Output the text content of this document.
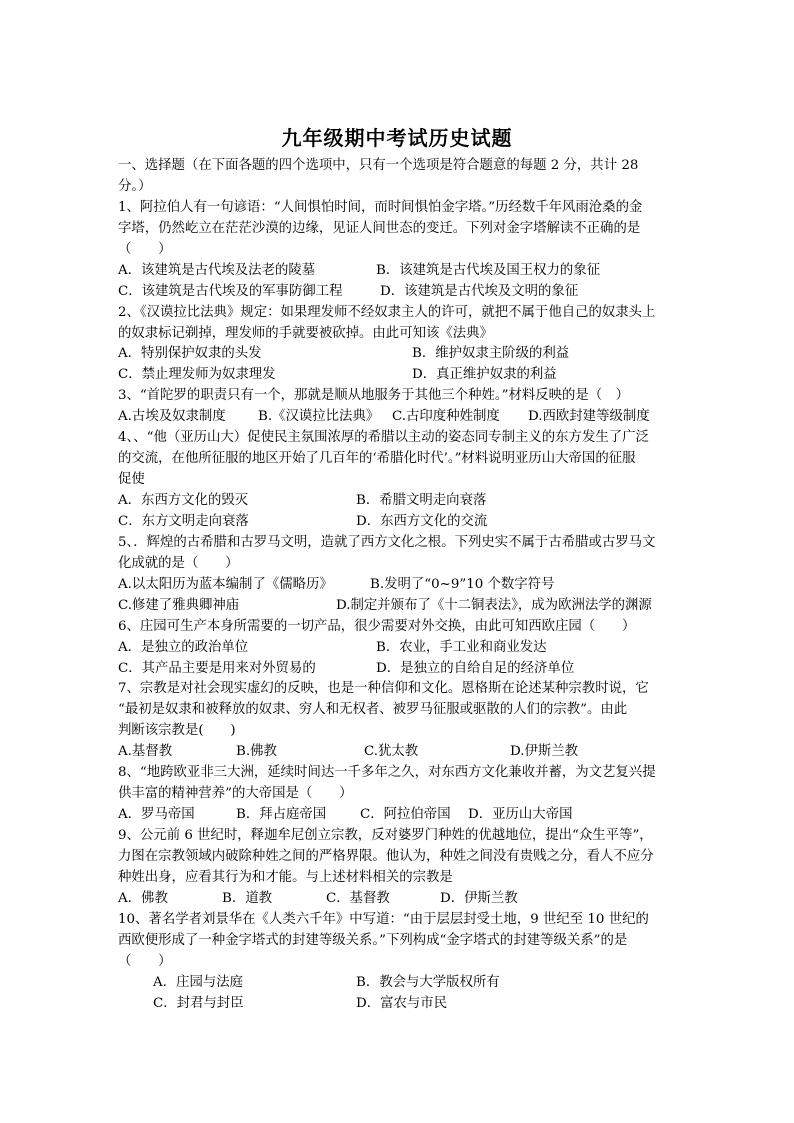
九年级期中考试历史试题
一、选择题（在下面各题的四个选项中，只有一个选项是符合题意的每题 2 分，共计 28
分。）
1、阿拉伯人有一句谚语：“人间惧怕时间，而时间惧怕金字塔。”历经数千年风雨沧桑的金
字塔，仍然屹立在茫茫沙漠的边缘，见证人间世态的变迁。下列对金字塔解读不正确的是
（　　）
A．该建筑是古代埃及法老的陵墓	B．该建筑是古代埃及国王权力的象征
C．该建筑是古代埃及的军事防御工程	D．该建筑是古代埃及文明的象征
2、《汉谟拉比法典》规定：如果理发师不经奴隶主人的许可，就把不属于他自己的奴隶头上
的奴隶标记剃掉，理发师的手就要被砍掉。由此可知该《法典》
A．特别保护奴隶的头发	B．维护奴隶主阶级的利益
C．禁止理发师为奴隶理发	D．真正维护奴隶的利益
3、“首陀罗的职责只有一个，那就是顺从地服务于其他三个种姓。”材料反映的是（　）
A.古埃及奴隶制度	B.《汉谟拉比法典》 C.古印度种姓制度	D.西欧封建等级制度
4、、“他（亚历山大）促使民主氛围浓厚的希腊以主动的姿态同专制主义的东方发生了广泛
的交流，在他所征服的地区开始了几百年的‘希腊化时代’。”材料说明亚历山大帝国的征服
促使
A．东西方文化的毁灭	B．希腊文明走向衰落
C．东方文明走向衰落	D．东西方文化的交流
5、．辉煌的古希腊和古罗马文明，造就了西方文化之根。下列史实不属于古希腊或古罗马文
化成就的是（　　）
A.以太阳历为蓝本编制了《儒略历》	B.发明了“0~9”10 个数字符号
C.修建了雅典卿神庙	D.制定并颁布了《十二铜表法》，成为欧洲法学的渊源
6、庄园可生产本身所需要的一切产品，很少需要对外交换，由此可知西欧庄园（　　）
A．是独立的政治单位	B．农业，手工业和商业发达
C．其产品主要是用来对外贸易的	D．是独立的自给自足的经济单位
7、宗教是对社会现实虚幻的反映，也是一种信仰和文化。恩格斯在论述某种宗教时说，它
“最初是奴隶和被释放的奴隶、穷人和无权者、被罗马征服或驱散的人们的宗教”。由此
判断该宗教是(　　)
A.基督教	B.佛教	C.犹太教	D.伊斯兰教
8、“地跨欧亚非三大洲，延续时间达一千多年之久，对东西方文化兼收并蓄，为文艺复兴提
供丰富的精神营养”的大帝国是（　　）
A．罗马帝国	B．拜占庭帝国	C．阿拉伯帝国	D．亚历山大帝国
9、公元前 6 世纪时，释迦牟尼创立宗教，反对婆罗门种姓的优越地位，提出“众生平等”，
力图在宗教领域内破除种姓之间的严格界限。他认为，种姓之间没有贵贱之分，看人不应分
种姓出身，应看其行为和才能。与上述材料相关的宗教是
A．佛教	B．道教	C．基督教	D．伊斯兰教
10、著名学者刘景华在《人类六千年》中写道：“由于层层封受土地，9 世纪至 10 世纪的
西欧便形成了一种金字塔式的封建等级关系。”下列构成“金字塔式的封建等级关系”的是
（　　）
A．庄园与法庭	B．教会与大学版权所有
C．封君与封臣	D．富农与市民
